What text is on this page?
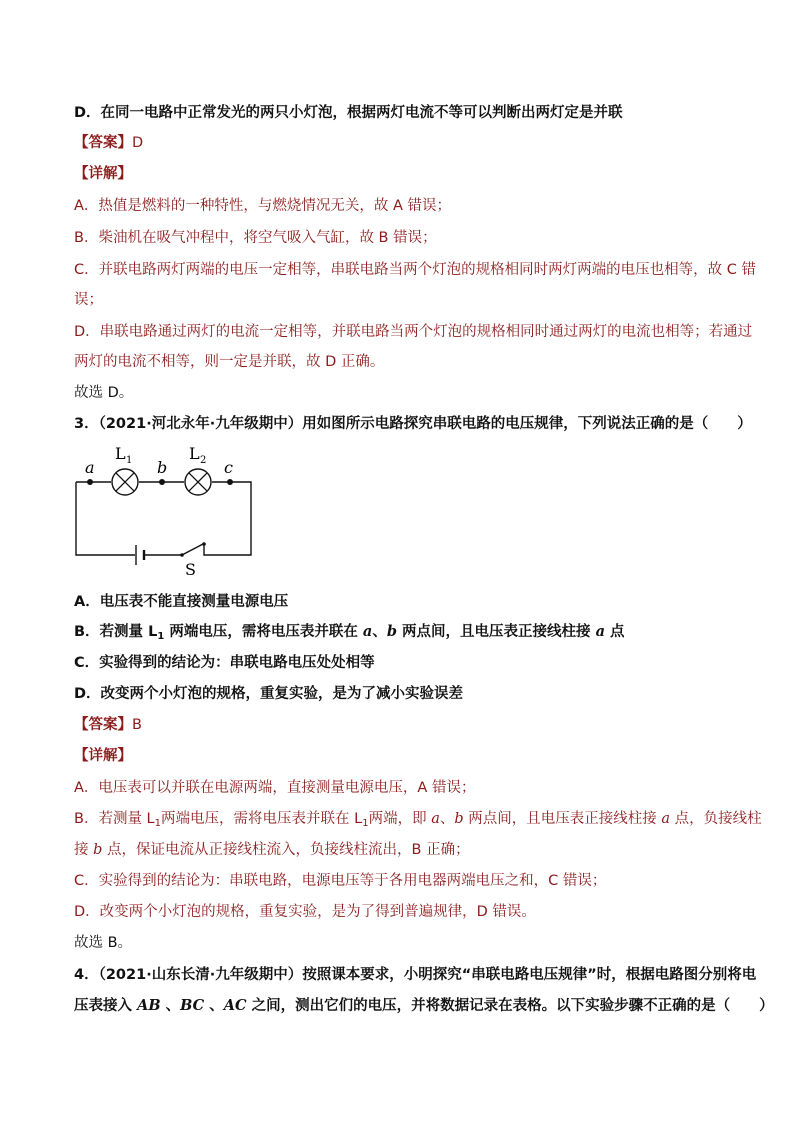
D．在同一电路中正常发光的两只小灯泡，根据两灯电流不等可以判断出两灯定是并联
【答案】D
【详解】
A．热值是燃料的一种特性，与燃烧情况无关，故 A 错误；
B．柴油机在吸气冲程中，将空气吸入气缸，故 B 错误；
C．并联电路两灯两端的电压一定相等，串联电路当两个灯泡的规格相同时两灯两端的电压也相等，故 C 错
误；
D．串联电路通过两灯的电流一定相等，并联电路当两个灯泡的规格相同时通过两灯的电流也相等；若通过
两灯的电流不相等，则一定是并联，故 D 正确。
故选 D。
3．（2021·河北永年·九年级期中）用如图所示电路探究串联电路的电压规律，下列说法正确的是（　　）
a	b	c
L 1	L 2
S
A．电压表不能直接测量电源电压
B．若测量 $L_1$ 两端电压，需将电压表并联在 a、b 两点间，且电压表正接线柱接 a 点
C．实验得到的结论为：串联电路电压处处相等
D．改变两个小灯泡的规格，重复实验，是为了减小实验误差
【答案】B
【详解】
A．电压表可以并联在电源两端，直接测量电源电压，A 错误；
B．若测量 $L_1$两端电压，需将电压表并联在 $L_1$两端，即 a、b 两点间，且电压表正接线柱接 a 点，负接线柱
接 b 点，保证电流从正接线柱流入，负接线柱流出，B 正确；
C．实验得到的结论为：串联电路，电源电压等于各用电器两端电压之和，C 错误；
D．改变两个小灯泡的规格，重复实验，是为了得到普遍规律，D 错误。
故选 B。
4．（2021·山东长清·九年级期中）按照课本要求，小明探究“串联电路电压规律”时，根据电路图分别将电
压表接入 AB 、BC 、AC 之间，测出它们的电压，并将数据记录在表格。以下实验步骤不正确的是（　　）
